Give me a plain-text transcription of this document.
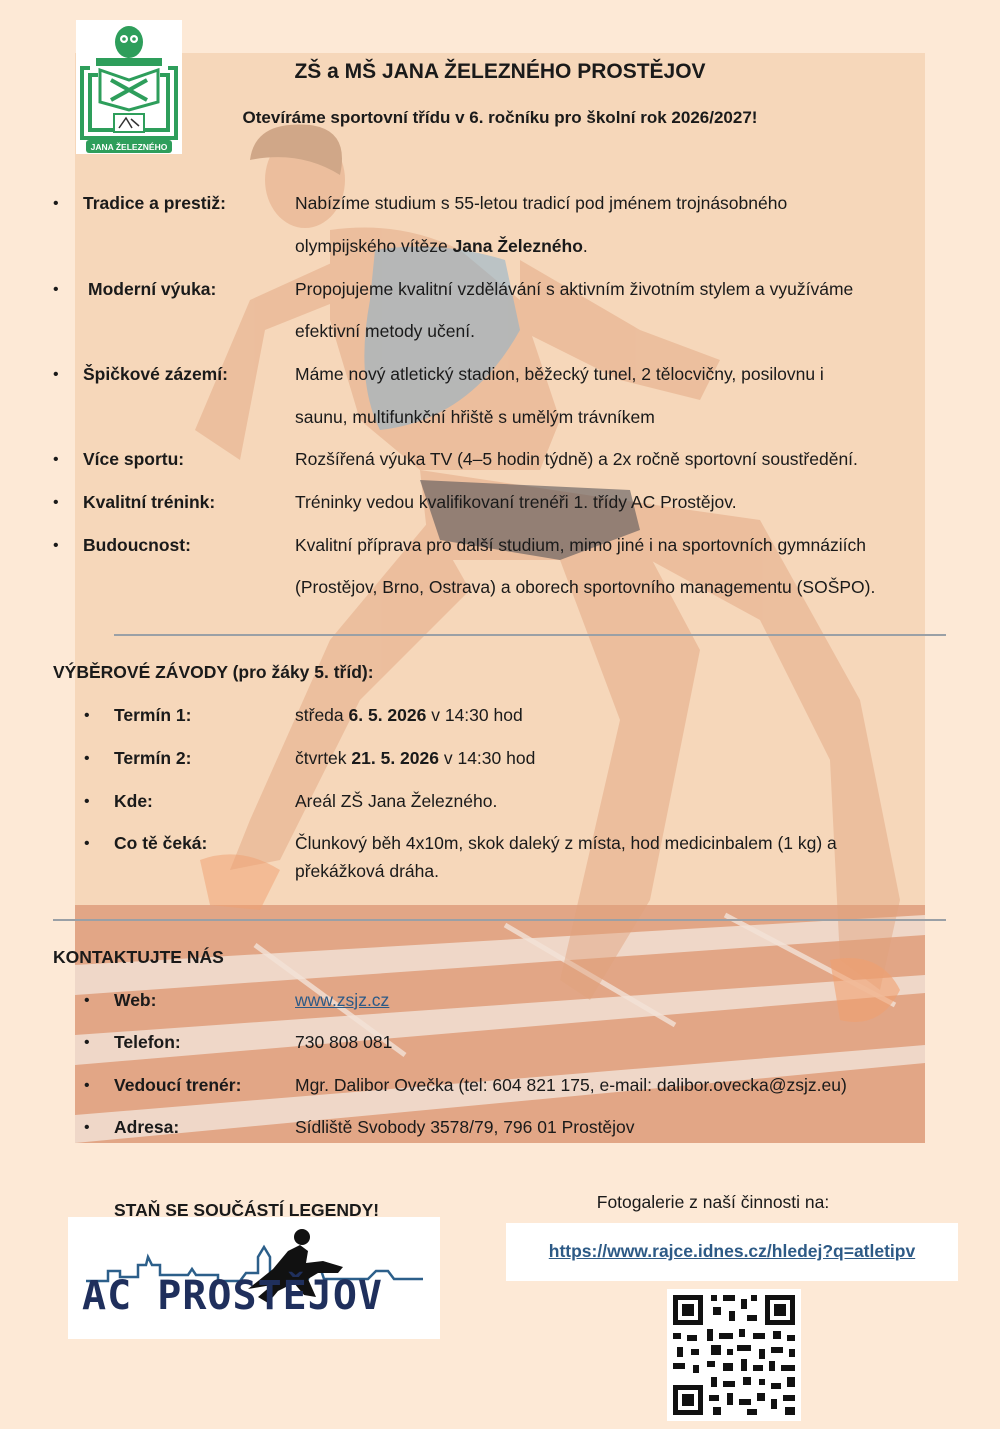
JANA ŽELEZNÉHO
ZŠ a MŠ JANA ŽELEZNÉHO PROSTĚJOV
Otevíráme sportovní třídu v 6. ročníku pro školní rok 2026/2027!
• Tradice a prestiž:	Nabízíme studium s 55-letou tradicí pod jménem trojnásobného
olympijského vítěze Jana Železného.
• Moderní výuka:	Propojujeme kvalitní vzdělávání s aktivním životním stylem a využíváme
efektivní metody učení.
• Špičkové zázemí:	Máme nový atletický stadion, běžecký tunel, 2 tělocvičny, posilovnu i
saunu, multifunkční hřiště s umělým trávníkem
• Více sportu:	Rozšířená výuka TV (4–5 hodin týdně) a 2x ročně sportovní soustředění.
• Kvalitní trénink:	Tréninky vedou kvalifikovaní trenéři 1. třídy AC Prostějov.
• Budoucnost:	Kvalitní příprava pro další studium, mimo jiné i na sportovních gymnáziích
(Prostějov, Brno, Ostrava) a oborech sportovního managementu (SOŠPO).
VÝBĚROVÉ ZÁVODY (pro žáky 5. tříd):
• Termín 1:	středa 6. 5. 2026 v 14:30 hod
• Termín 2:	čtvrtek 21. 5. 2026 v 14:30 hod
• Kde:	Areál ZŠ Jana Železného.
• Co tě čeká:	Člunkový běh 4x10m, skok daleký z místa, hod medicinbalem (1 kg) a
překážková dráha.
KONTAKTUJTE NÁS
• Web:	www.zsjz.cz
• Telefon:	730 808 081
• Vedoucí trenér:	Mgr. Dalibor Ovečka (tel: 604 821 175, e-mail: dalibor.ovecka@zsjz.eu)
• Adresa:	Sídliště Svobody 3578/79, 796 01 Prostějov
AC PROSTĚJOV
STAŇ SE SOUČÁSTÍ LEGENDY!	Fotogalerie z naší činnosti na:
https://www.rajce.idnes.cz/hledej?q=atletipv
